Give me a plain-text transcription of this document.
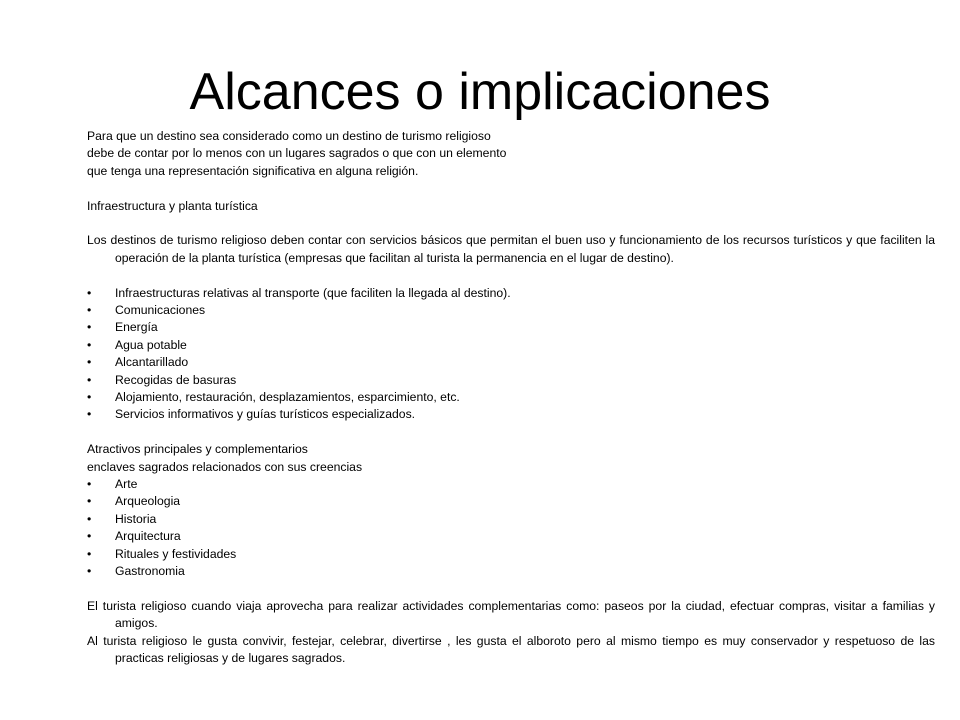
Alcances o implicaciones

Para que un destino sea considerado como un destino de turismo religioso

debe de contar por lo menos con un lugares sagrados o que con un elemento

que tenga una representación significativa en alguna religión.

Infraestructura y planta turística

Los destinos de turismo religioso deben contar con servicios básicos que permitan el buen uso y funcionamiento de los recursos turísticos y que faciliten la operación de la planta turística (empresas que facilitan al turista la permanencia en el lugar de destino).

•	Infraestructuras relativas al transporte (que faciliten la llegada al destino).

•	Comunicaciones

•	Energía

•	Agua potable

•	Alcantarillado

•	Recogidas de basuras

•	Alojamiento, restauración, desplazamientos, esparcimiento, etc.

•	Servicios informativos y guías turísticos especializados.

Atractivos principales y complementarios

enclaves sagrados relacionados con sus creencias

•	Arte

•	Arqueologia

•	Historia

•	Arquitectura

•	Rituales y festividades

•	Gastronomia

El turista religioso cuando viaja aprovecha para realizar actividades complementarias como: paseos por la ciudad, efectuar compras, visitar a familias y amigos.

Al turista religioso le gusta convivir, festejar, celebrar, divertirse , les gusta el alboroto pero al mismo tiempo es muy conservador y respetuoso de las practicas religiosas y de lugares sagrados.
